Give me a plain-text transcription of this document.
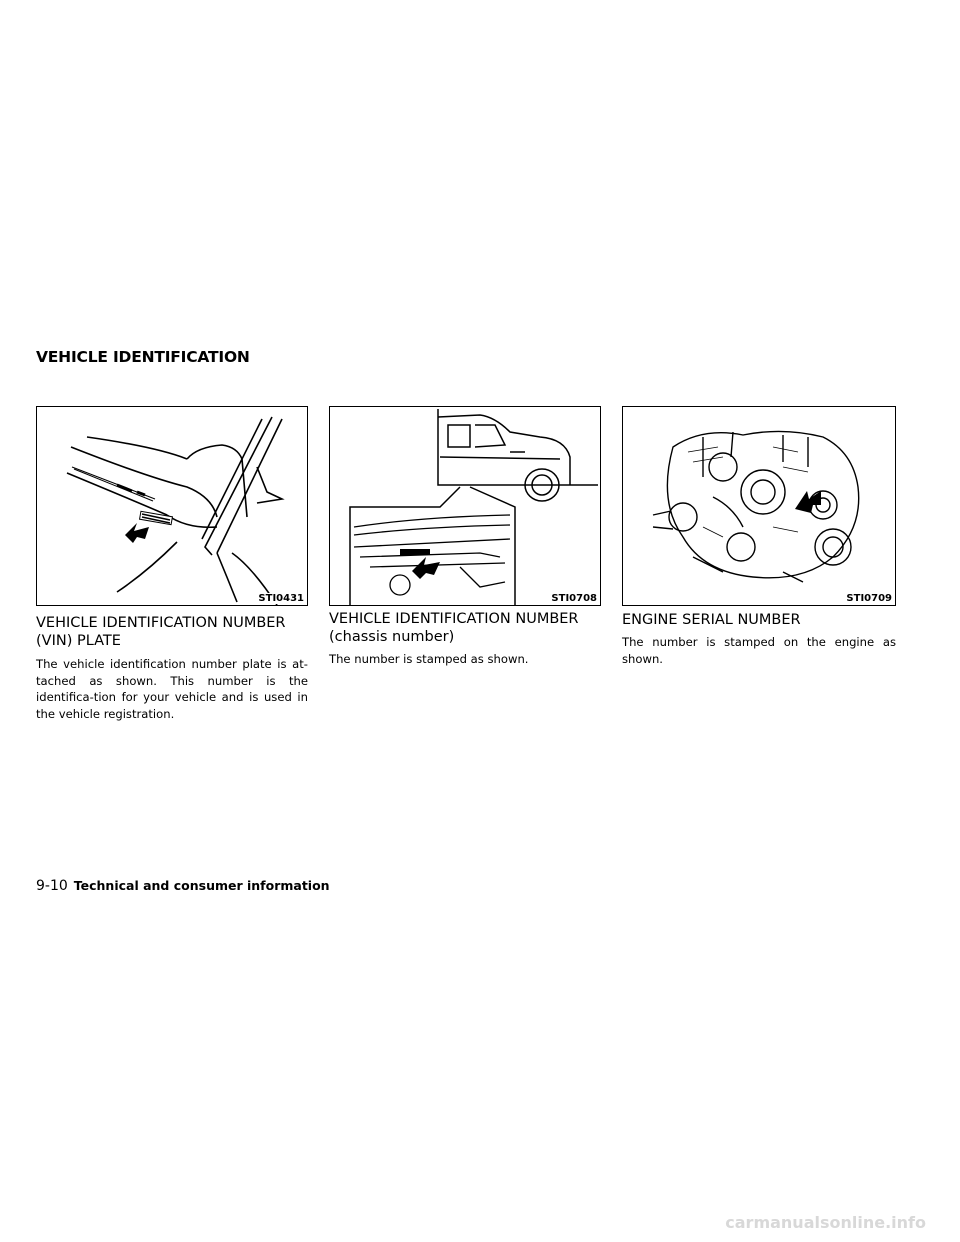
VEHICLE IDENTIFICATION
STI0431	STI0708	STI0709
VEHICLE IDENTIFICATION NUMBER
(VIN) PLATE
VEHICLE IDENTIFICATION NUMBER
(chassis number)
ENGINE SERIAL NUMBER

The vehicle identification number plate is at-tached as shown. This number is the identifica-tion for your vehicle and is used in the vehicle registration.

The number is stamped as shown.

The number is stamped on the engine as shown.

9-10 Technical and consumer information
carmanualsonline.info
